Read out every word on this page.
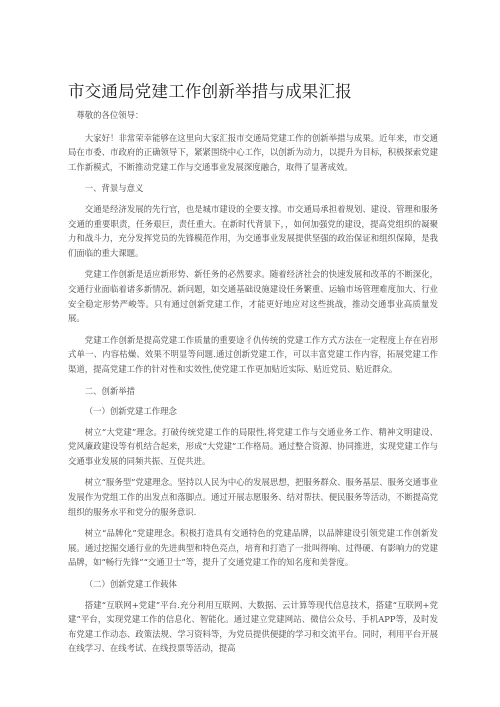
市交通局党建工作创新举措与成果汇报

尊敬的各位领导：

大家好！非常荣幸能够在这里向大家汇报市交通局党建工作的创新举措与成果。近年来，市交通局在市委、市政府的正确领导下，紧紧围绕中心工作，以创新为动力，以提升为目标，积极探索党建工作新模式，不断推动党建工作与交通事业发展深度融合，取得了显著成效。

一、背景与意义

交通是经济发展的先行官，也是城市建设的全要支撑。市交通局承担着规划、建设、管理和服务交通的重要职责，任务艰巨，责任重大。在新时代背景下，，如何加强党的建设，提高党组织的凝聚力和战斗力，充分发挥党员的先锋模范作用，为交通事业发展提供坚强的政治保证和组织保障，是我们面临的重大课题。

党建工作创新是适应新形势、新任务的必然要求。随着经济社会的快速发展和改革的不断深化，交通行业面临着诸多新情况、新问题，如交通基础设施建设任务繁重、运输市场管理难度加大、行业安全稳定形势严峻等。只有通过创新党建工作，才能更好地应对这些挑战，推动交通事业高质量发展。

党建工作创新是提高党建工作质量的重要途彳仇传统的党建工作方式方法在一定程度上存在岩形式单一、内容枯燥、效果不明显等问题.通过创新党建工作，可以丰富党建工作内容，拓展党建工作渠道，提高党建工作的针对性和实效性,使党建工作更加贴近实际、贴近党员、贴近群众。

二、创新举措

（一）创新党建工作理念

树立“大党建”理念。打破传统党建工作的局限性,将党建工作与交通业务工作、精神文明建设、党风廉政建设等有机结合起来，形成“大党建”工作格局。通过整合资源、协同推进，实现党建工作与交通事业发展的同频共振、互促共进。

树立“服务型”党建理念。坚持以人民为中心的发展思想，把服务群众、服务基层、服务交通事业发展作为党组工作的出发点和落脚点。通过开展志愿服务、结对帮扶、便民服务等活动，不断提高党组织的服务水平和党分的服务意识.

树立“品牌化”党建理念。积极打造具有交通特色的党建品牌，以品牌建设引领党建工作创新发展。通过挖掘交通行业的先进典型和特色亮点，培育和打造了一批叫得响、过得硬、有影响力的党建品牌，如“畅行先锋”“交通卫士”等，提升了交通党建工作的知名度和美誉度。

（二）创新党建工作载体

搭建“互联网+党建”平台.充分利用互联网、大数据、云计算等现代信息技术，搭建“互联网+党建”平台，实现党建工作的信息化、智能化。通过建立党建网站、微信公众号、手机APP等，及时发布党建工作动态、政策法规、学习资料等，为党员提供便捷的学习和交流平台。同时，利用平台开展在线学习、在线考试、在线投票等活动，提高
